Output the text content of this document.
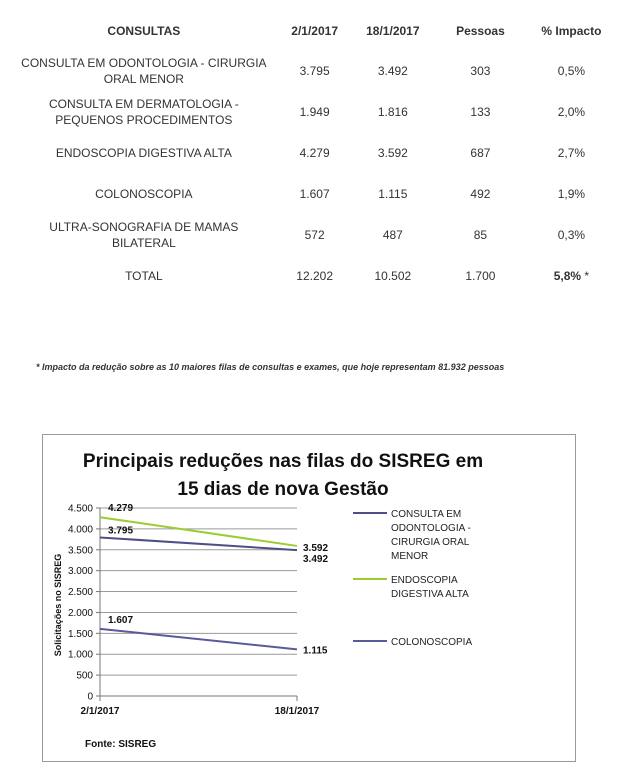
CONSULTAS	2/1/2017	18/1/2017	Pessoas	% Impacto
CONSULTA EM ODONTOLOGIA - CIRURGIA
ORAL MENOR	3.795	3.492	303	0,5%
CONSULTA EM DERMATOLOGIA -
PEQUENOS PROCEDIMENTOS	1.949	1.816	133	2,0%
ENDOSCOPIA DIGESTIVA ALTA	4.279	3.592	687	2,7%
COLONOSCOPIA	1.607	1.115	492	1,9%
ULTRA-SONOGRAFIA DE MAMAS
BILATERAL	572	487	85	0,3%
TOTAL	12.202	10.502	1.700	5,8% *
* Impacto da redução sobre as 10 maiores filas de consultas e exames, que hoje representam 81.932 pessoas
Principais reduções nas filas do SISREG em
15 dias de nova Gestão
0
500
1.000
1.500
2.000
2.500
3.000
3.500
4.000
4.500
2/1/2017	18/1/2017
3.795
3.492
4.279
3.592
1.607
1.115
CONSULTA EM
ODONTOLOGIA -
CIRURGIA ORAL
MENOR
ENDOSCOPIA
DIGESTIVA ALTA
COLONOSCOPIA
Solicitações no SISREG
Fonte: SISREG
